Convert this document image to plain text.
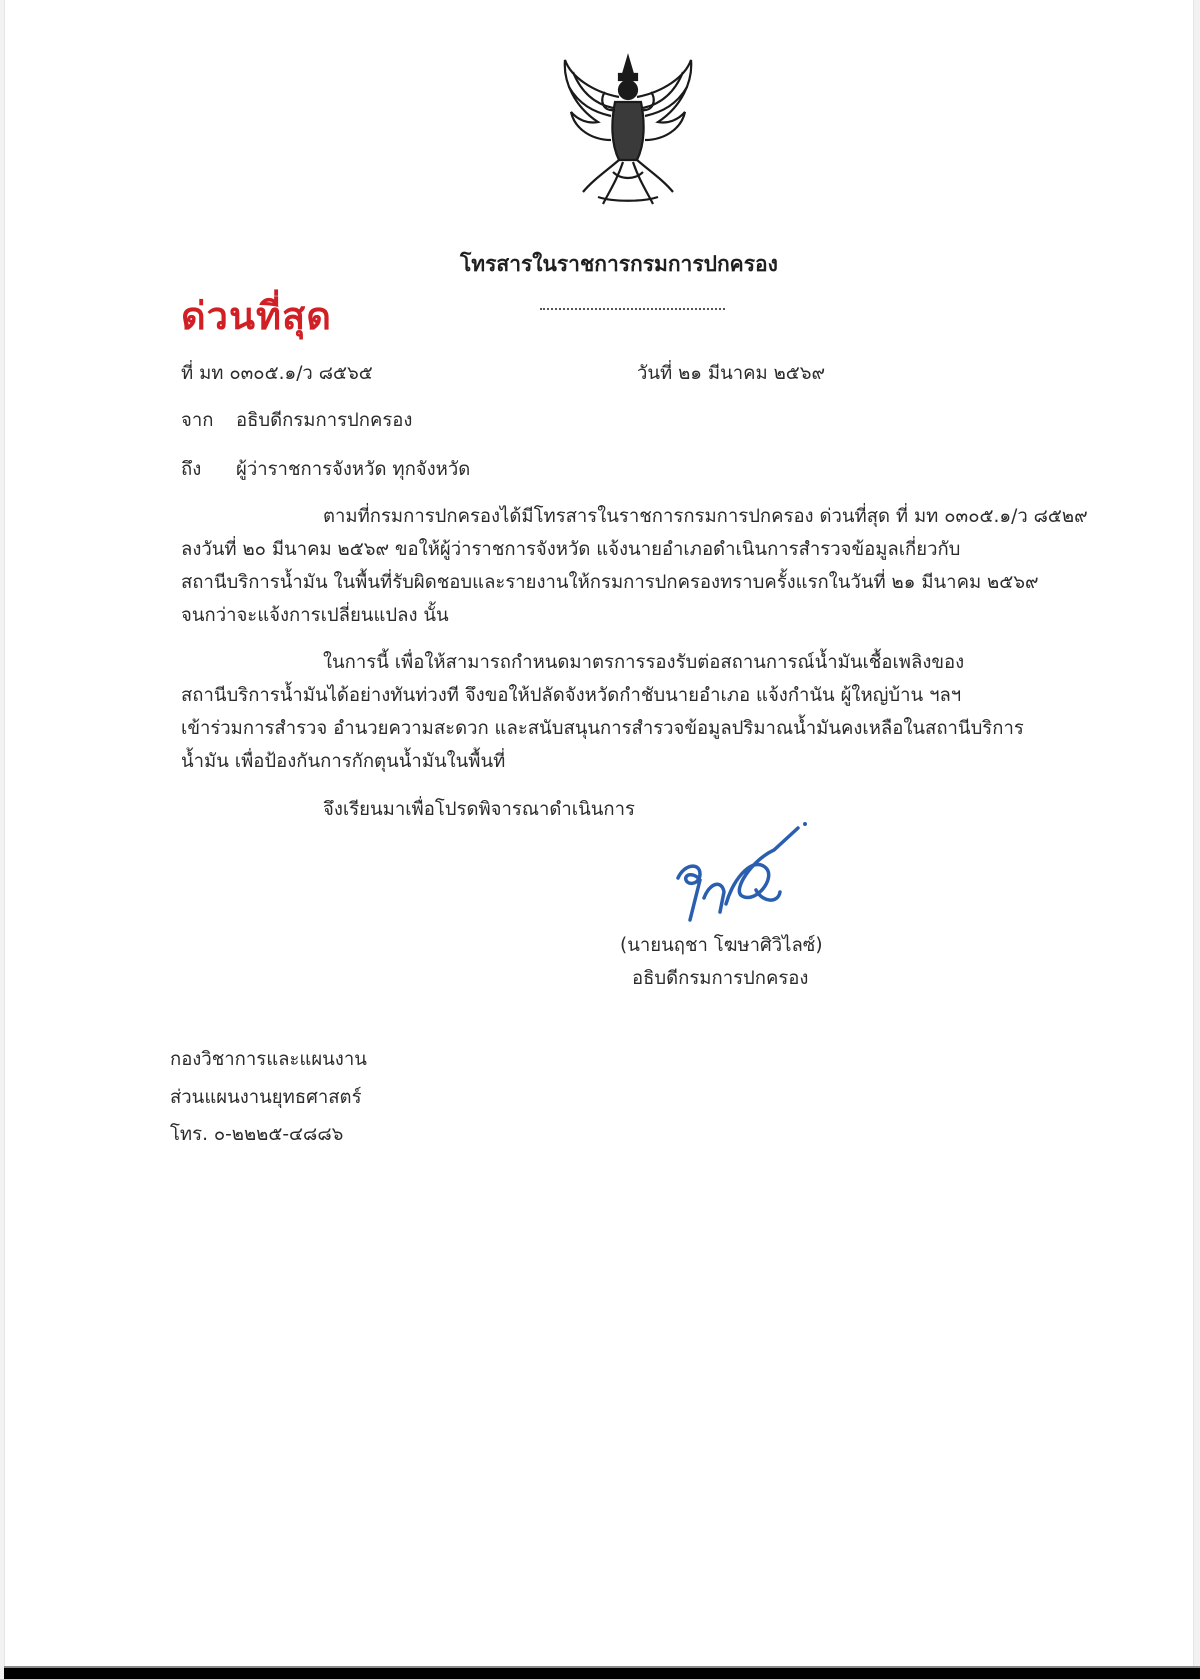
โทรสารในราชการกรมการปกครอง
ด่วนที่สุด
ที่ มท ๐๓๐๕.๑/ว ๘๕๖๕	วันที่ ๒๑ มีนาคม ๒๕๖๙
จาก อธิบดีกรมการปกครอง
ถึง ผู้ว่าราชการจังหวัด ทุกจังหวัด
ตามที่กรมการปกครองได้มีโทรสารในราชการกรมการปกครอง ด่วนที่สุด ที่ มท ๐๓๐๕.๑/ว ๘๕๒๙
ลงวันที่ ๒๐ มีนาคม ๒๕๖๙ ขอให้ผู้ว่าราชการจังหวัด แจ้งนายอำเภอดำเนินการสำรวจข้อมูลเกี่ยวกับ
สถานีบริการน้ำมัน ในพื้นที่รับผิดชอบและรายงานให้กรมการปกครองทราบครั้งแรกในวันที่ ๒๑ มีนาคม ๒๕๖๙
จนกว่าจะแจ้งการเปลี่ยนแปลง นั้น
ในการนี้ เพื่อให้สามารถกำหนดมาตรการรองรับต่อสถานการณ์น้ำมันเชื้อเพลิงของ
สถานีบริการน้ำมันได้อย่างทันท่วงที จึงขอให้ปลัดจังหวัดกำชับนายอำเภอ แจ้งกำนัน ผู้ใหญ่บ้าน ฯลฯ
เข้าร่วมการสำรวจ อำนวยความสะดวก และสนับสนุนการสำรวจข้อมูลปริมาณน้ำมันคงเหลือในสถานีบริการ
น้ำมัน เพื่อป้องกันการกักตุนน้ำมันในพื้นที่
จึงเรียนมาเพื่อโปรดพิจารณาดำเนินการ
(นายนฤชา โฆษาศิวิไลซ์)
อธิบดีกรมการปกครอง
กองวิชาการและแผนงาน
ส่วนแผนงานยุทธศาสตร์
โทร. ๐-๒๒๒๕-๔๘๘๖
